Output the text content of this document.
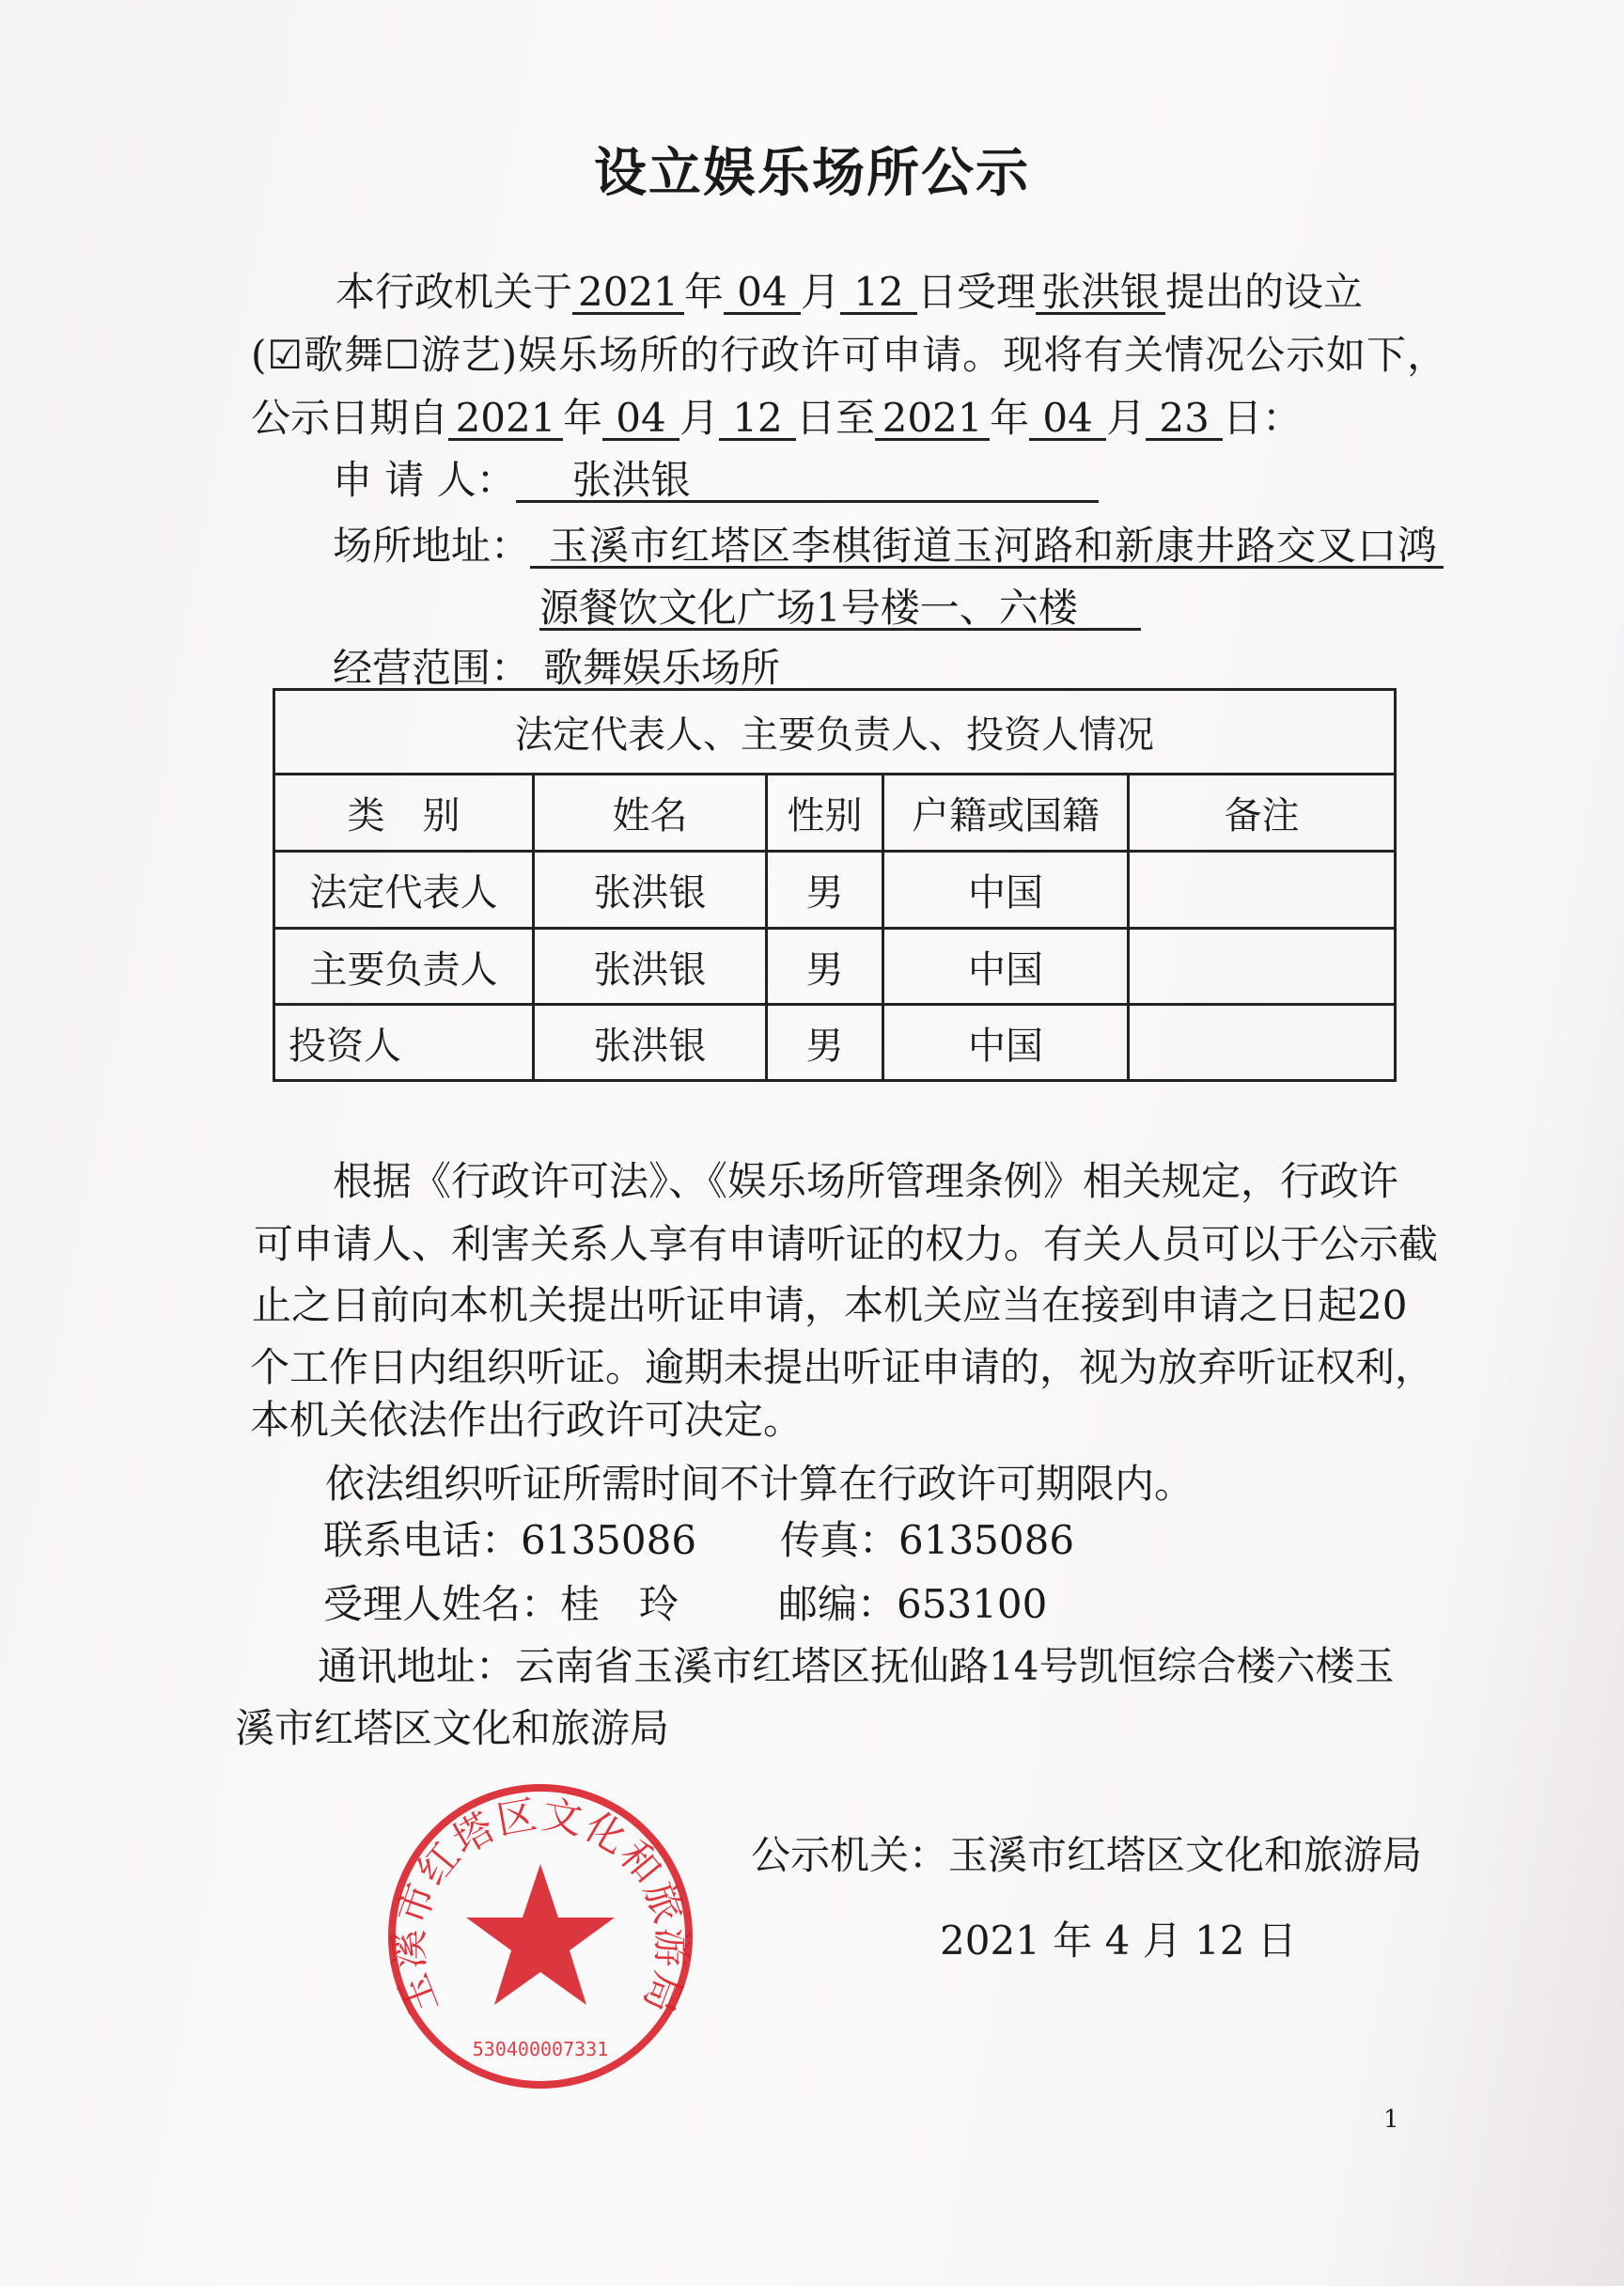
设立娱乐场所公示
本行政机关于 2021 年 04 月 12 日受理 张洪银 提出的设立
(☑歌舞☐游艺)娱乐场所的行政许可申请。现将有关情况公示如下，
公示日期自 2021 年 04 月 12 日至 2021 年 04 月 23 日：
申 请 人： 张洪银
场所地址： 玉溪市红塔区李棋街道玉河路和新康井路交叉口鸿
源餐饮文化广场1号楼一、六楼
经营范围： 歌舞娱乐场所
法定代表人、主要负责人、投资人情况				
类　别	姓名	性别	户籍或国籍	备注
法定代表人	张洪银	男	中国	
主要负责人	张洪银	男	中国	
投资人	张洪银	男	中国	
根据《行政许可法》、《娱乐场所管理条例》相关规定，行政许
可申请人、利害关系人享有申请听证的权力。有关人员可以于公示截
止之日前向本机关提出听证申请，本机关应当在接到申请之日起20
个工作日内组织听证。逾期未提出听证申请的，视为放弃听证权利，
本机关依法作出行政许可决定。
依法组织听证所需时间不计算在行政许可期限内。
联系电话：6135086 传真：6135086
受理人姓名：桂　玲	邮编：653100
通讯地址：云南省玉溪市红塔区抚仙路14号凯恒综合楼六楼玉
溪市红塔区文化和旅游局
玉溪市红塔区文化和旅游局
530400007331
公示机关：玉溪市红塔区文化和旅游局
2021 年 4 月 12 日
1
